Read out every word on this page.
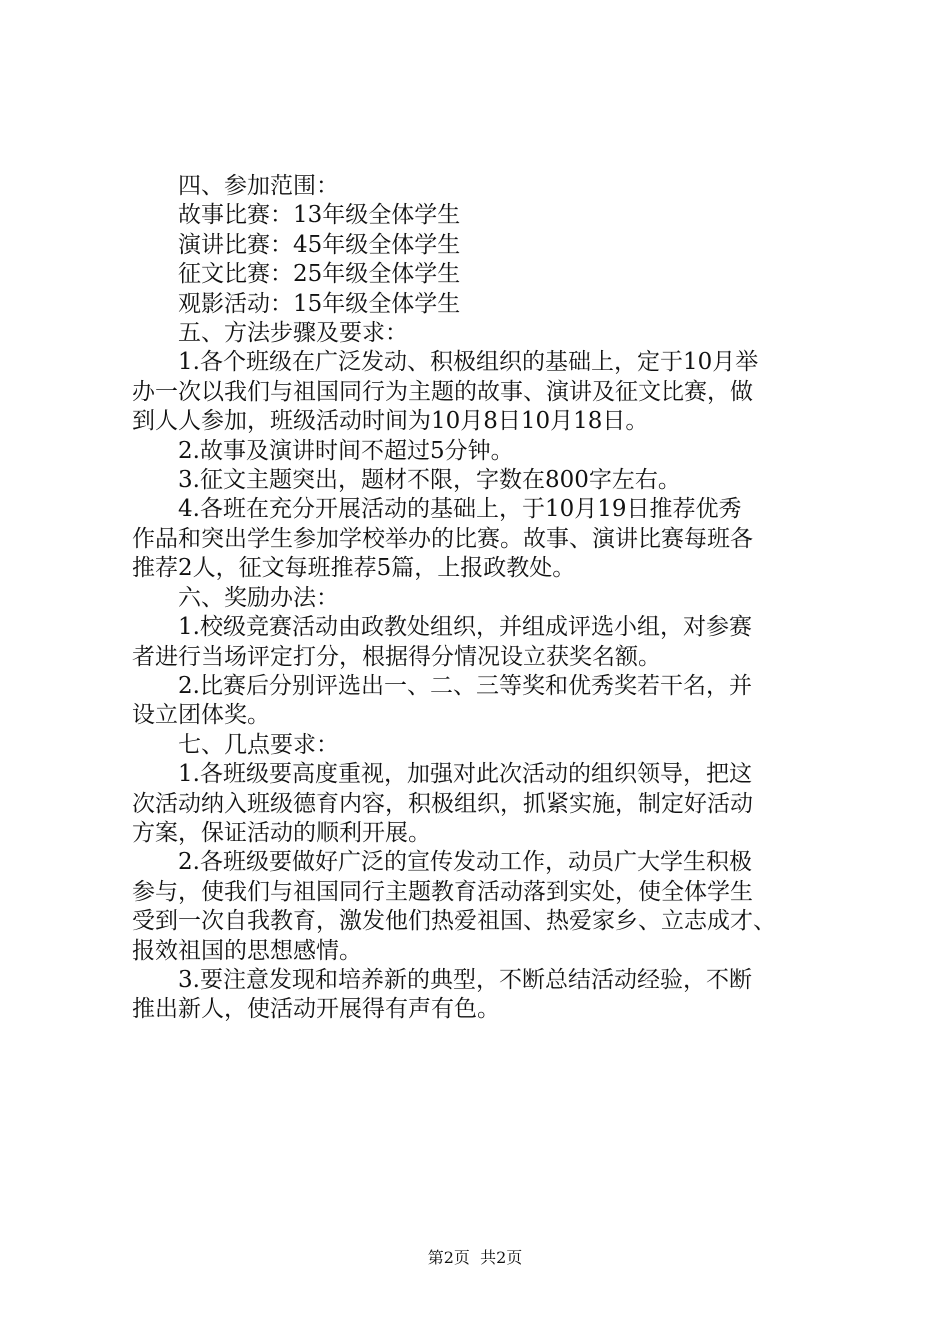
四、参加范围：

故事比赛：13年级全体学生

演讲比赛：45年级全体学生

征文比赛：25年级全体学生

观影活动：15年级全体学生

五、方法步骤及要求：

1.各个班级在广泛发动、积极组织的基础上，定于10月举

办一次以我们与祖国同行为主题的故事、演讲及征文比赛，做

到人人参加，班级活动时间为10月8日10月18日。

2.故事及演讲时间不超过5分钟。

3.征文主题突出，题材不限，字数在800字左右。

4.各班在充分开展活动的基础上，于10月19日推荐优秀

作品和突出学生参加学校举办的比赛。故事、演讲比赛每班各

推荐2人，征文每班推荐5篇，上报政教处。

六、奖励办法：

1.校级竞赛活动由政教处组织，并组成评选小组，对参赛

者进行当场评定打分，根据得分情况设立获奖名额。

2.比赛后分别评选出一、二、三等奖和优秀奖若干名，并

设立团体奖。

七、几点要求：

1.各班级要高度重视，加强对此次活动的组织领导，把这

次活动纳入班级德育内容，积极组织，抓紧实施，制定好活动

方案，保证活动的顺利开展。

2.各班级要做好广泛的宣传发动工作，动员广大学生积极

参与，使我们与祖国同行主题教育活动落到实处，使全体学生

受到一次自我教育，激发他们热爱祖国、热爱家乡、立志成才、

报效祖国的思想感情。

3.要注意发现和培养新的典型，不断总结活动经验，不断

推出新人，使活动开展得有声有色。

第2页  共2页
